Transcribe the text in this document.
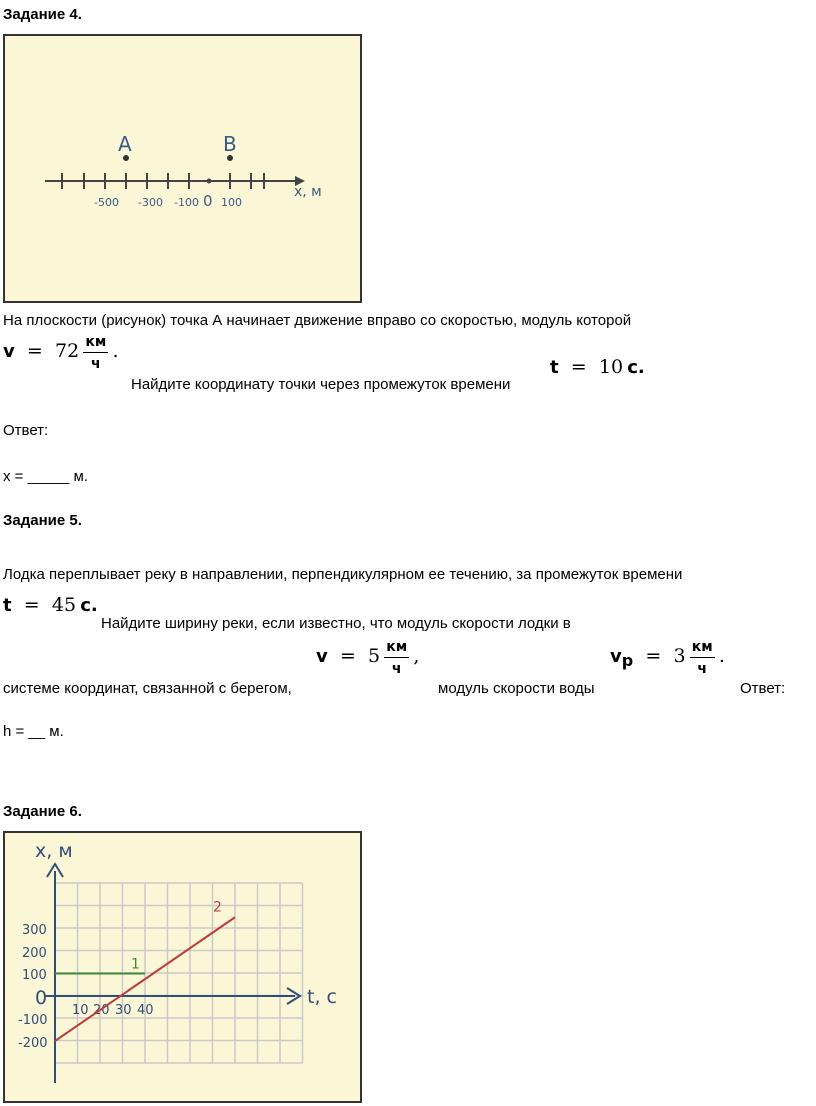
Задание 4.
A	B
x, м
-500 -300 -100 0 100
На плоскости (рисунок) точка А начинает движение вправо со скоростью, модуль которой
$v = 72 \frac{км}{ч}$ .
Найдите координату точки через промежуток времени
t = 10 с.
Ответ:
x = _____ м.
Задание 5.
Лодка переплывает реку в направлении, перпендикулярном ее течению, за промежуток времени
t = 45 с.
Найдите ширину реки, если известно, что модуль скорости лодки в
$v = 5 \frac{км}{ч}$ ,	vр = $3 \frac{км}{ч}$ .
системе координат, связанной с берегом,	модуль скорости воды	Ответ:
h = __ м.
Задание 6.
x, м
t, с
300
200
100
0
-100
-200
10 20 30 40
1
2
